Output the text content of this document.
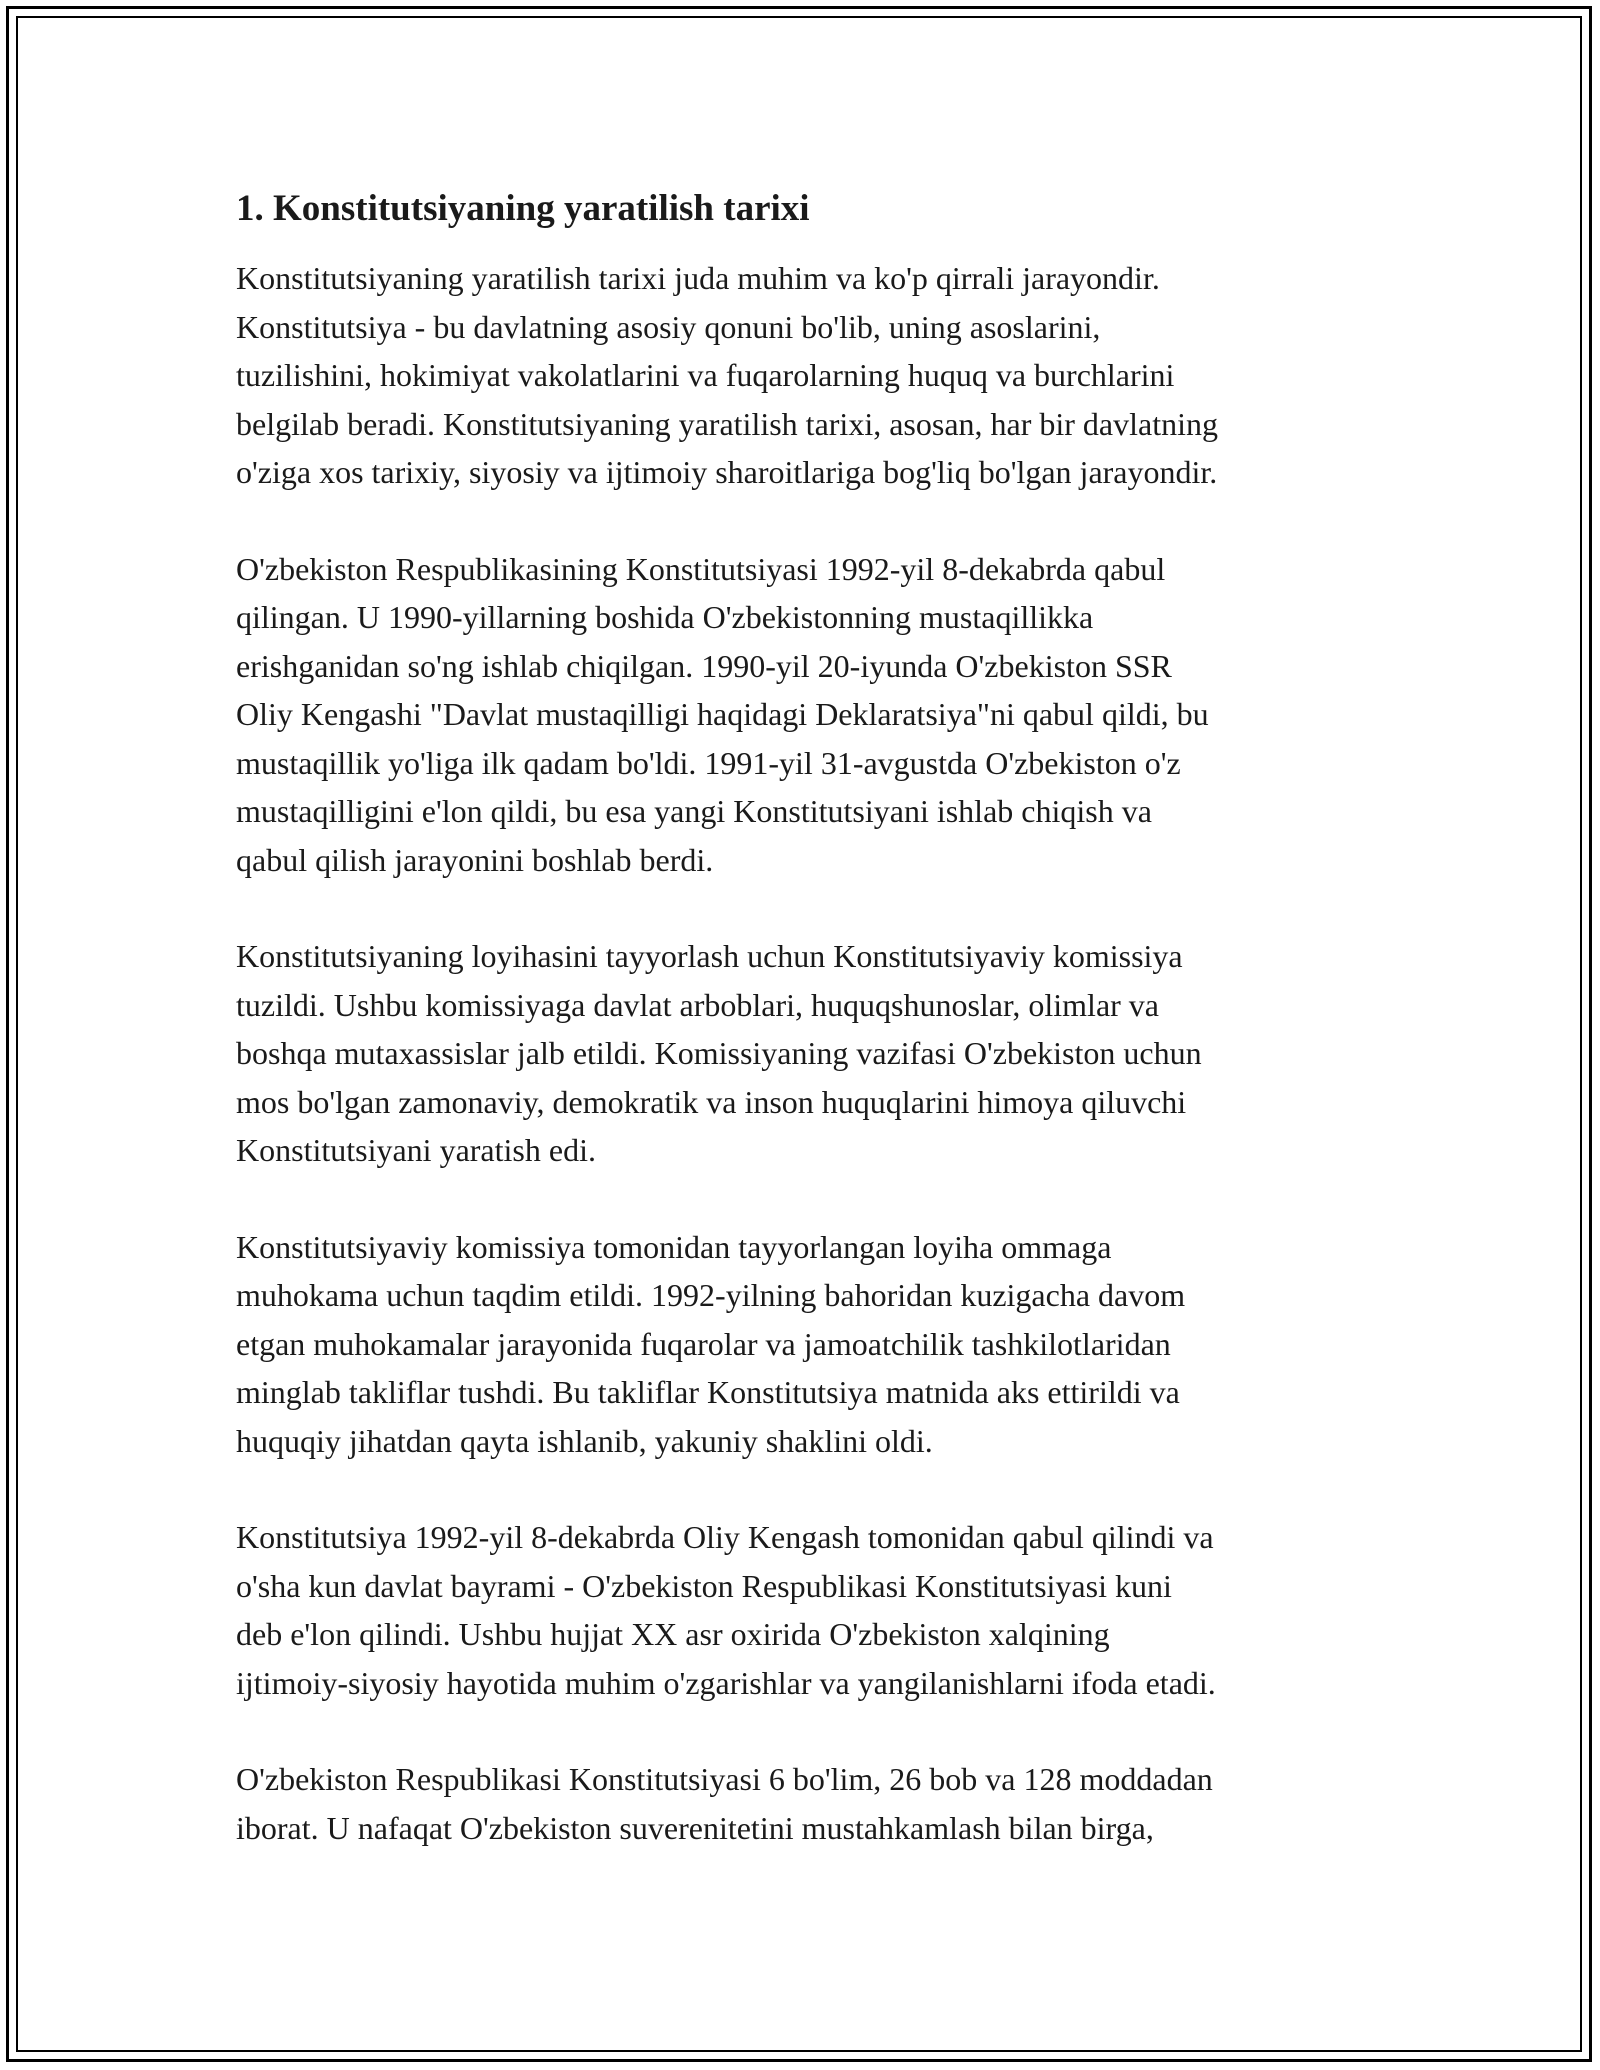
1. Konstitutsiyaning yaratilish tarixi

Konstitutsiyaning yaratilish tarixi juda muhim va ko'p qirrali jarayondir.
Konstitutsiya - bu davlatning asosiy qonuni bo'lib, uning asoslarini,
tuzilishini, hokimiyat vakolatlarini va fuqarolarning huquq va burchlarini
belgilab beradi. Konstitutsiyaning yaratilish tarixi, asosan, har bir davlatning
o'ziga xos tarixiy, siyosiy va ijtimoiy sharoitlariga bog'liq bo'lgan jarayondir.

O'zbekiston Respublikasining Konstitutsiyasi 1992-yil 8-dekabrda qabul
qilingan. U 1990-yillarning boshida O'zbekistonning mustaqillikka
erishganidan so'ng ishlab chiqilgan. 1990-yil 20-iyunda O'zbekiston SSR
Oliy Kengashi "Davlat mustaqilligi haqidagi Deklaratsiya"ni qabul qildi, bu
mustaqillik yo'liga ilk qadam bo'ldi. 1991-yil 31-avgustda O'zbekiston o'z
mustaqilligini e'lon qildi, bu esa yangi Konstitutsiyani ishlab chiqish va
qabul qilish jarayonini boshlab berdi.

Konstitutsiyaning loyihasini tayyorlash uchun Konstitutsiyaviy komissiya
tuzildi. Ushbu komissiyaga davlat arboblari, huquqshunoslar, olimlar va
boshqa mutaxassislar jalb etildi. Komissiyaning vazifasi O'zbekiston uchun
mos bo'lgan zamonaviy, demokratik va inson huquqlarini himoya qiluvchi
Konstitutsiyani yaratish edi.

Konstitutsiyaviy komissiya tomonidan tayyorlangan loyiha ommaga
muhokama uchun taqdim etildi. 1992-yilning bahoridan kuzigacha davom
etgan muhokamalar jarayonida fuqarolar va jamoatchilik tashkilotlaridan
minglab takliflar tushdi. Bu takliflar Konstitutsiya matnida aks ettirildi va
huquqiy jihatdan qayta ishlanib, yakuniy shaklini oldi.

Konstitutsiya 1992-yil 8-dekabrda Oliy Kengash tomonidan qabul qilindi va
o'sha kun davlat bayrami - O'zbekiston Respublikasi Konstitutsiyasi kuni
deb e'lon qilindi. Ushbu hujjat XX asr oxirida O'zbekiston xalqining
ijtimoiy-siyosiy hayotida muhim o'zgarishlar va yangilanishlarni ifoda etadi.

O'zbekiston Respublikasi Konstitutsiyasi 6 bo'lim, 26 bob va 128 moddadan
iborat. U nafaqat O'zbekiston suverenitetini mustahkamlash bilan birga,
